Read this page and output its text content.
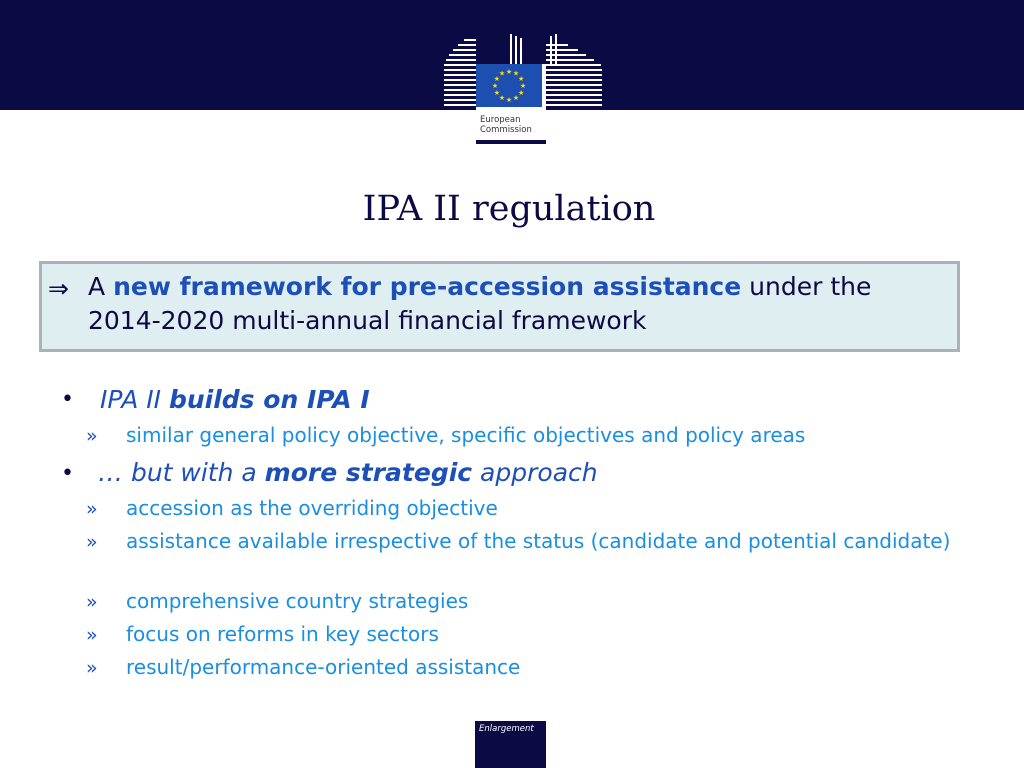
★ ★
★
★
★
★
★
★
★
★
★
★
European
Commission
IPA II regulation
⇒ A new framework for pre-accession assistance under the 2014-2020 multi-annual financial framework
• IPA II builds on IPA I
» similar general policy objective, specific objectives and policy areas
• … but with a more strategic approach
» accession as the overriding objective
» assistance available irrespective of the status (candidate and potential candidate)
» comprehensive country strategies
» focus on reforms in key sectors
» result/performance-oriented assistance
Enlargement
